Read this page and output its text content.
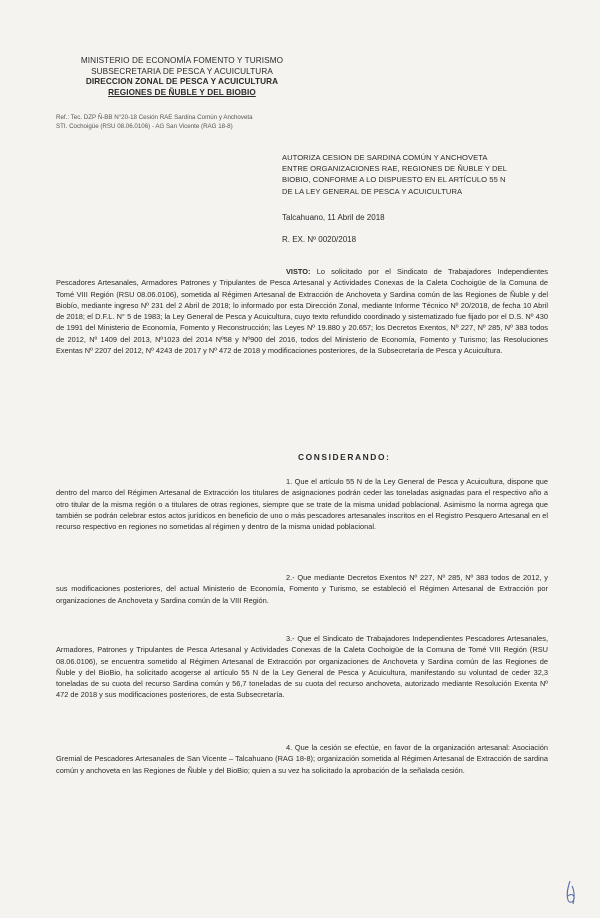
MINISTERIO DE ECONOMÍA FOMENTO Y TURISMO
SUBSECRETARIA DE PESCA Y ACUICULTURA
DIRECCION ZONAL DE PESCA Y ACUICULTURA
REGIONES DE ÑUBLE Y DEL BIOBIO
Ref.: Tec. DZP Ñ-BB N°20-18 Cesión RAE Sardina Común y Anchoveta
STI. Cochoigüe (RSU 08.06.0106) - AG San Vicente (RAG 18-8)
AUTORIZA CESION DE SARDINA COMÚN Y ANCHOVETA
ENTRE ORGANIZACIONES RAE, REGIONES DE ÑUBLE Y DEL
BIOBIO, CONFORME A LO DISPUESTO EN EL ARTÍCULO 55 N
DE LA LEY GENERAL DE PESCA Y ACUICULTURA
Talcahuano, 11 Abril de 2018
R. EX. Nº 0020/2018
VISTO: Lo solicitado por el Sindicato de Trabajadores Independientes Pescadores Artesanales, Armadores Patrones y Tripulantes de Pesca Artesanal y Actividades Conexas de la Caleta Cochoigüe de la Comuna de Tomé VIII Región (RSU 08.06.0106), sometida al Régimen Artesanal de Extracción de Anchoveta y Sardina común de las Regiones de Ñuble y del Biobío, mediante ingreso Nº 231 del 2 Abril de 2018; lo informado por esta Dirección Zonal, mediante Informe Técnico Nº 20/2018, de fecha 10 Abril de 2018; el D.F.L. N° 5 de 1983; la Ley General de Pesca y Acuicultura, cuyo texto refundido coordinado y sistematizado fue fijado por el D.S. Nº 430 de 1991 del Ministerio de Economía, Fomento y Reconstrucción; las Leyes Nº 19.880 y 20.657; los Decretos Exentos, Nº 227, Nº 285, Nº 383 todos de 2012, Nº 1409 del 2013, Nº1023 del 2014 Nº58 y Nº900 del 2016, todos del Ministerio de Economía, Fomento y Turismo; las Resoluciones Exentas Nº 2207 del 2012, Nº 4243 de 2017 y Nº 472 de 2018 y modificaciones posteriores, de la Subsecretaría de Pesca y Acuicultura.
CONSIDERANDO:
1. Que el artículo 55 N de la Ley General de Pesca y Acuicultura, dispone que dentro del marco del Régimen Artesanal de Extracción los titulares de asignaciones podrán ceder las toneladas asignadas para el respectivo año a otro titular de la misma región o a titulares de otras regiones, siempre que se trate de la misma unidad poblacional. Asimismo la norma agrega que también se podrán celebrar estos actos jurídicos en beneficio de uno o más pescadores artesanales inscritos en el Registro Pesquero Artesanal en el recurso respectivo en regiones no sometidas al régimen y dentro de la misma unidad poblacional.
2.- Que mediante Decretos Exentos Nº 227, Nº 285, Nº 383 todos de 2012, y sus modificaciones posteriores, del actual Ministerio de Economía, Fomento y Turismo, se estableció el Régimen Artesanal de Extracción por organizaciones de Anchoveta y Sardina común de la VIII Región.
3.- Que el Sindicato de Trabajadores Independientes Pescadores Artesanales, Armadores, Patrones y Tripulantes de Pesca Artesanal y Actividades Conexas de la Caleta Cochoigüe de la Comuna de Tomé VIII Región (RSU 08.06.0106), se encuentra sometido al Régimen Artesanal de Extracción por organizaciones de Anchoveta y Sardina común de las Regiones de Ñuble y del BioBio, ha solicitado acogerse al artículo 55 N de la Ley General de Pesca y Acuicultura, manifestando su voluntad de ceder 32,3 toneladas de su cuota del recurso Sardina común y 56,7 toneladas de su cuota del recurso anchoveta, autorizado mediante Resolución Exenta Nº 472 de 2018 y sus modificaciones posteriores, de esta Subsecretaría.
4. Que la cesión se efectúe, en favor de la organización artesanal: Asociación Gremial de Pescadores Artesanales de San Vicente – Talcahuano (RAG 18-8); organización sometida al Régimen Artesanal de Extracción de sardina común y anchoveta en las Regiones de Ñuble y del BioBio; quien a su vez ha solicitado la aprobación de la señalada cesión.
